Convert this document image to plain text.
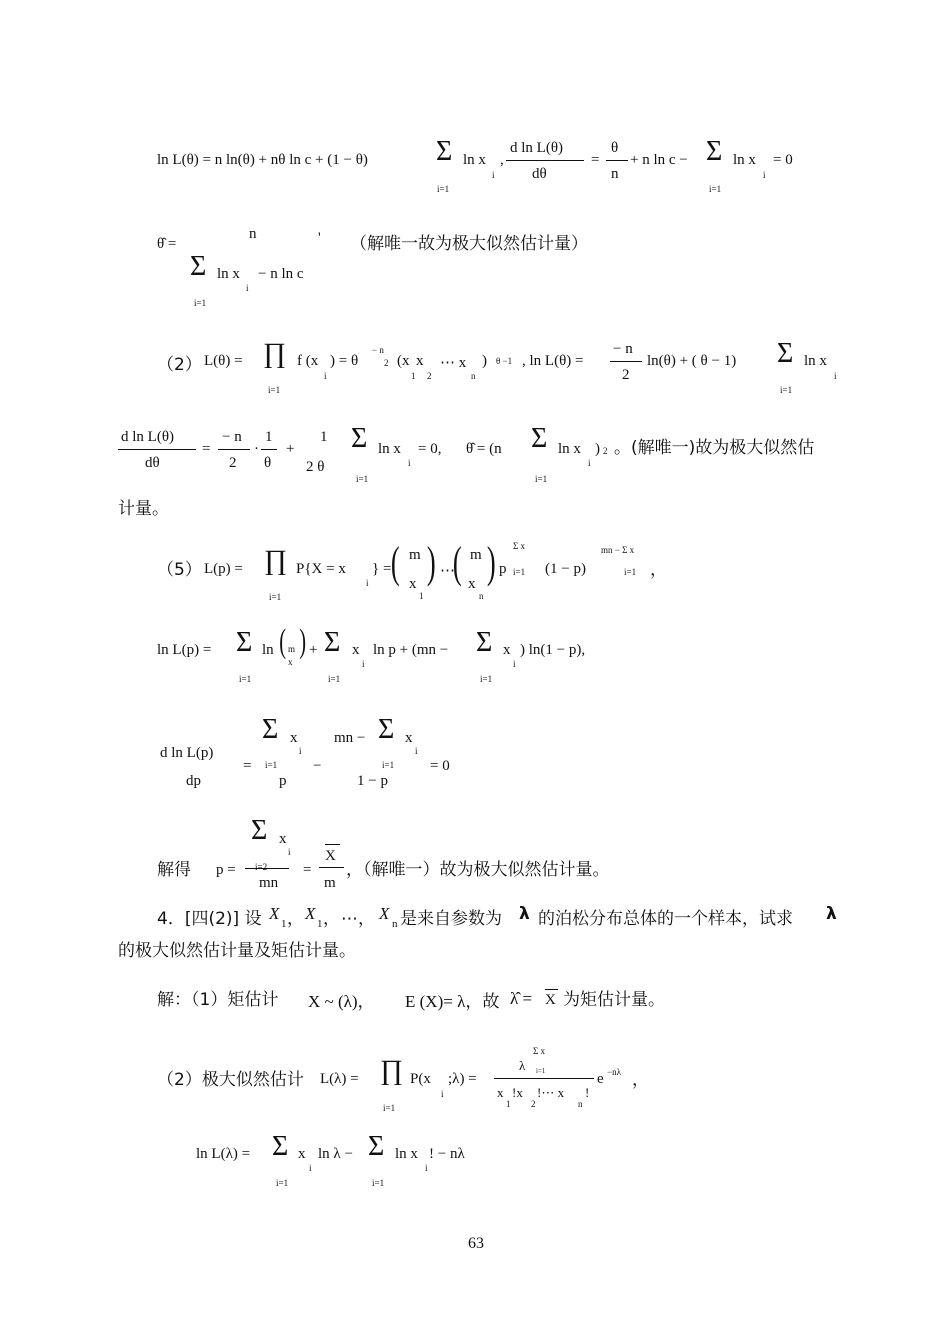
ln L(θ) = n ln(θ) + nθ ln c + (1 − θ) Σ ln x
i
i=1
,
d ln L(θ)
dθ
=
θ
n
+ n ln c − Σ ln x
i
i=1
= 0
θ̂ =
n
Σ ln x
i
− n ln c
i=1
' （解唯一故为极大似然估计量）
（2） L(θ) = ∏ f (x
i
) = θ
− n
2 (x
1
x
2
⋯ x
n
) θ −1 , ln L(θ) =
− n
2
ln(θ) + ( θ − 1) Σ ln x
i
i=1	i=1
d ln L(θ)
dθ
=
− n
2
·
1
θ
+
1
2 θ
Σ ln x
i
= 0,
i=1
θ̂ = (n Σ ln x
i
) 2
i=1
。(解唯一)故为极大似然估
计量。
（5） L(p) = ∏ P{X = x
i
} = ( m
x
1
) ⋯
( m
x
n
) p
Σ x
i=1 (1 − p)
mn − Σ x
i=1 ，
i=1
ln L(p) = Σ ln ( m
x
) + Σ x
i
ln p + (mn − Σ x
i
) ln(1 − p),
i=1	i=1	i=1
d ln L(p)
dp
=
Σ x
i
i=1
p
−
mn − Σ x
i
i=1
1 − p
= 0
解得 p =
Σ x
i
i=2
mn
=
X
m
，（解唯一）故为极大似然估计量。
4．[四(2)] 设 X
1 ， X
1 ， ⋯， X
n 是来自参数为 λ 的泊松分布总体的一个样本，试求 λ
的极大似然估计量及矩估计量。
解：（1）矩估计 X ~ (λ)， E (X)= λ，故 λ̂ = X 为矩估计量。
（2）极大似然估计 L(λ) = ∏ P(x
i
;λ) =
Σ x
λ i=1
x
1
!x
2
!⋯ x
n
!
e −nλ ，
i=1
ln L(λ) = Σ x
i
ln λ − Σ ln x
i
! − nλ
i=1	i=1
63
